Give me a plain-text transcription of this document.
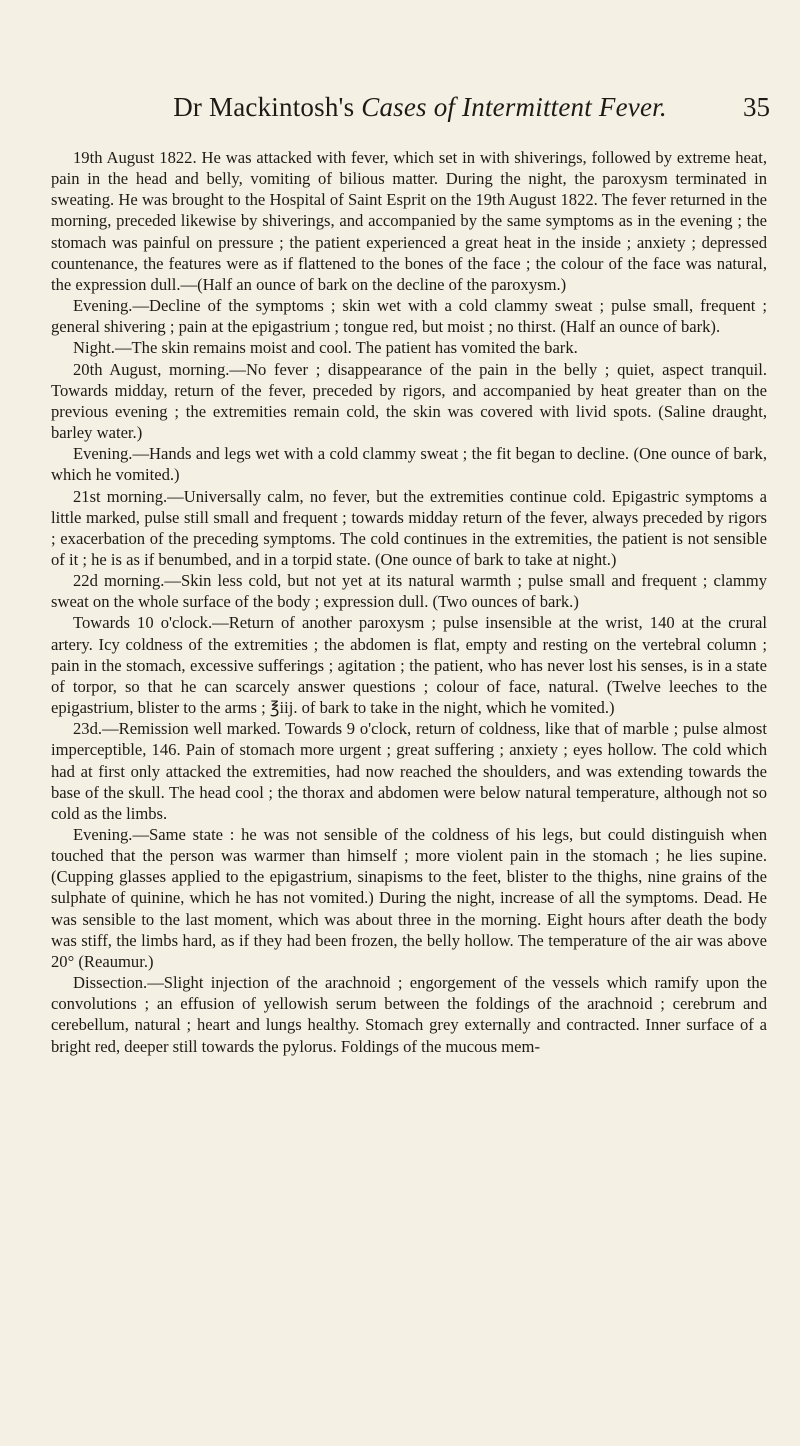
Dr Mackintosh's Cases of Intermittent Fever.	35

19th August 1822. He was attacked with fever, which set in with shiverings, followed by extreme heat, pain in the head and belly, vomiting of bilious matter. During the night, the paroxysm terminated in sweating. He was brought to the Hospital of Saint Esprit on the 19th August 1822. The fever returned in the morning, preceded likewise by shiverings, and accompanied by the same symptoms as in the evening ; the stomach was painful on pressure ; the patient experienced a great heat in the inside ; anxiety ; depressed countenance, the features were as if flattened to the bones of the face ; the colour of the face was natural, the expression dull.—(Half an ounce of bark on the decline of the paroxysm.)

Evening.—Decline of the symptoms ; skin wet with a cold clammy sweat ; pulse small, frequent ; general shivering ; pain at the epigastrium ; tongue red, but moist ; no thirst. (Half an ounce of bark).

Night.—The skin remains moist and cool. The patient has vomited the bark.

20th August, morning.—No fever ; disappearance of the pain in the belly ; quiet, aspect tranquil. Towards midday, return of the fever, preceded by rigors, and accompanied by heat greater than on the previous evening ; the extremities remain cold, the skin was covered with livid spots. (Saline draught, barley water.)

Evening.—Hands and legs wet with a cold clammy sweat ; the fit began to decline. (One ounce of bark, which he vomited.)

21st morning.—Universally calm, no fever, but the extremities continue cold. Epigastric symptoms a little marked, pulse still small and frequent ; towards midday return of the fever, always preceded by rigors ; exacerbation of the preceding symptoms. The cold continues in the extremities, the patient is not sensible of it ; he is as if benumbed, and in a torpid state. (One ounce of bark to take at night.)

22d morning.—Skin less cold, but not yet at its natural warmth ; pulse small and frequent ; clammy sweat on the whole surface of the body ; expression dull. (Two ounces of bark.)

Towards 10 o'clock.—Return of another paroxysm ; pulse insensible at the wrist, 140 at the crural artery. Icy coldness of the extremities ; the abdomen is flat, empty and resting on the vertebral column ; pain in the stomach, excessive sufferings ; agitation ; the patient, who has never lost his senses, is in a state of torpor, so that he can scarcely answer questions ; colour of face, natural. (Twelve leeches to the epigastrium, blister to the arms ; ℥iij. of bark to take in the night, which he vomited.)

23d.—Remission well marked. Towards 9 o'clock, return of coldness, like that of marble ; pulse almost imperceptible, 146. Pain of stomach more urgent ; great suffering ; anxiety ; eyes hollow. The cold which had at first only attacked the extremities, had now reached the shoulders, and was extending towards the base of the skull. The head cool ; the thorax and abdomen were below natural temperature, although not so cold as the limbs.

Evening.—Same state : he was not sensible of the coldness of his legs, but could distinguish when touched that the person was warmer than himself ; more violent pain in the stomach ; he lies supine. (Cupping glasses applied to the epigastrium, sinapisms to the feet, blister to the thighs, nine grains of the sulphate of quinine, which he has not vomited.) During the night, increase of all the symptoms. Dead. He was sensible to the last moment, which was about three in the morning. Eight hours after death the body was stiff, the limbs hard, as if they had been frozen, the belly hollow. The temperature of the air was above 20° (Reaumur.)

Dissection.—Slight injection of the arachnoid ; engorgement of the vessels which ramify upon the convolutions ; an effusion of yellowish serum between the foldings of the arachnoid ; cerebrum and cerebellum, natural ; heart and lungs healthy. Stomach grey externally and contracted. Inner surface of a bright red, deeper still towards the pylorus. Foldings of the mucous mem-
